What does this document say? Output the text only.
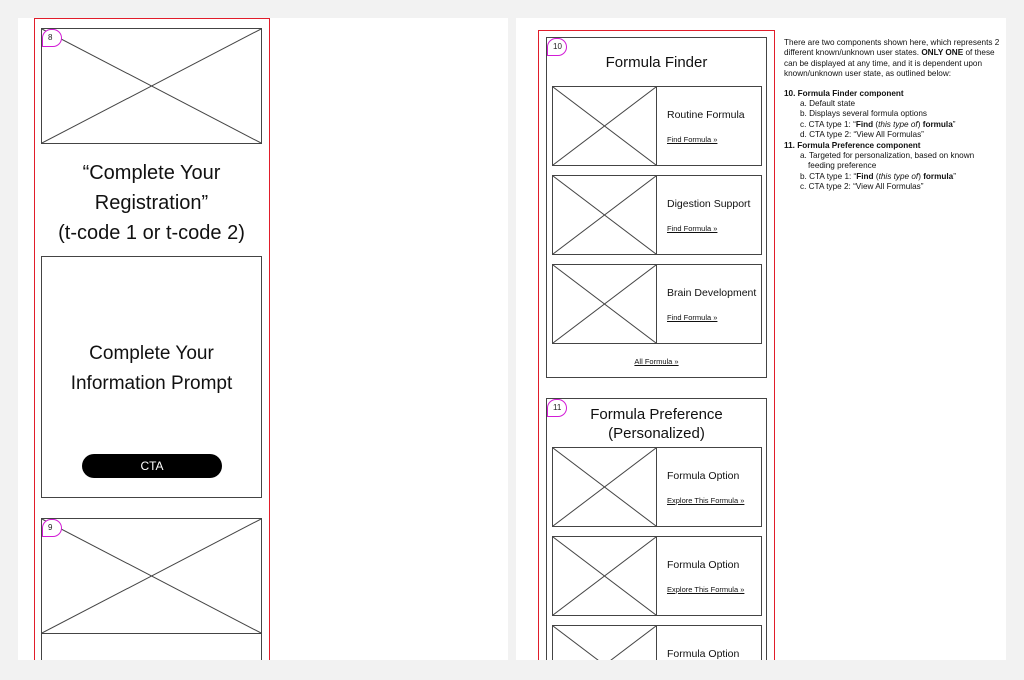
“Complete Your
Registration”
(t-code 1 or t-code 2)
Complete Your
Information Prompt
CTA
8
9
Formula Finder
Routine Formula
Find Formula »
Digestion Support
Find Formula »
Brain Development
Find Formula »
All Formula »
10
Formula Preference
(Personalized)
Formula Option
Explore This Formula »
Formula Option
Explore This Formula »
Formula Option
11

There are two components shown here, which represents 2 different known/unknown user states. ONLY ONE of these can be displayed at any time, and it is dependent upon known/unknown user state, as outlined below:

10. Formula Finder component
a. Default state
b. Displays several formula options
c. CTA type 1: “Find (this type of) formula”
d. CTA type 2: “View All Formulas”
11. Formula Preference component
a. Targeted for personalization, based on known
feeding preference
b. CTA type 1: “Find (this type of) formula”
c. CTA type 2: “View All Formulas”
